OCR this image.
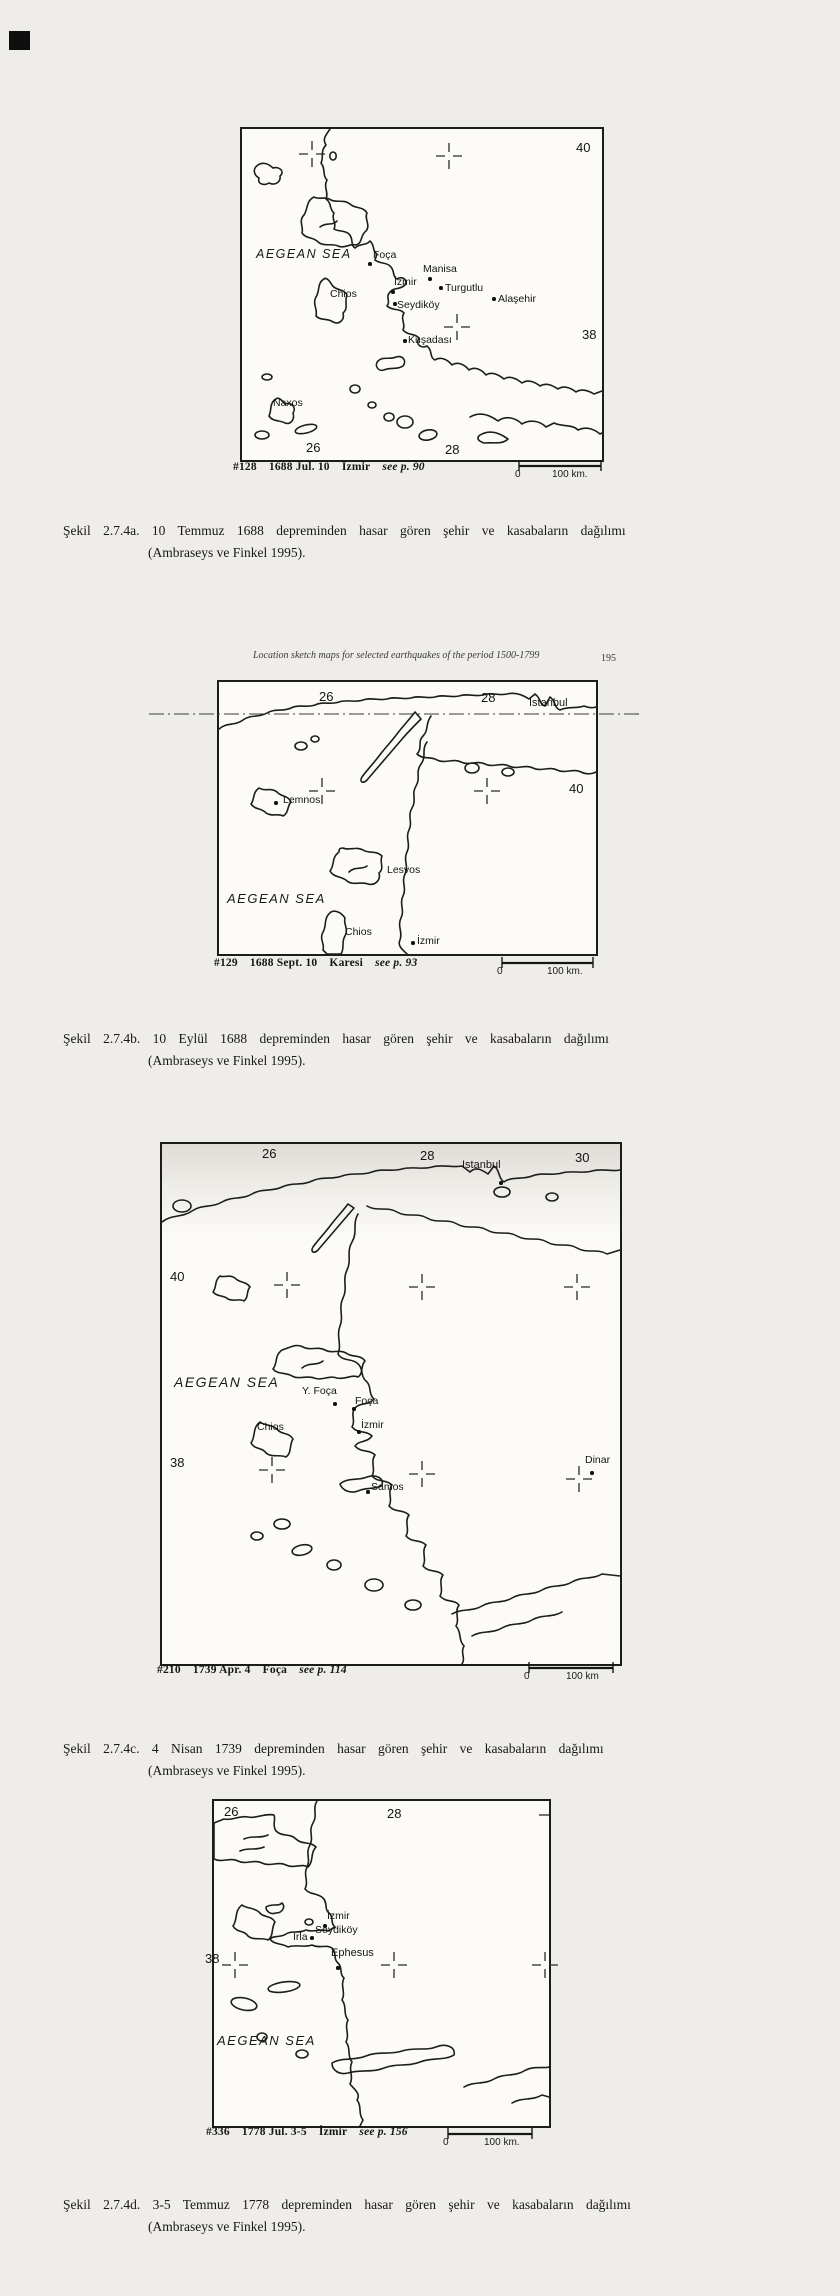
40
38
26	28
AEGEAN SEA Foça
Manisa
İzmir	Turgutlu
Alaşehir
Seydiköy
Chios
Kuşadası
Naxos
#128 1688 Jul. 10 İzmir see p. 90
0	100 km.
Şekil 2.7.4a. 10 Temmuz 1688 depreminden hasar gören şehir ve kasabaların dağılımı
(Ambraseys ve Finkel 1995).
Location sketch maps for selected earthquakes of the period 1500-1799	195
26	28	Istanbul
40
Lemnos
Lesvos
AEGEAN SEA
Chios
İzmir
#129 1688 Sept. 10 Karesi see p. 93
0	100 km.
Şekil 2.7.4b. 10 Eylül 1688 depreminden hasar gören şehir ve kasabaların dağılımı
(Ambraseys ve Finkel 1995).
26	28	30
Istanbul
40
38
AEGEAN SEA
Y. Foça
Foça
Chios	İzmir
Samos
Dinar
#210 1739 Apr. 4 Foça see p. 114
0	100 km
Şekil 2.7.4c. 4 Nisan 1739 depreminden hasar gören şehir ve kasabaların dağılımı
(Ambraseys ve Finkel 1995).
26	28
38
İzmir
Seydiköy
Irla
Ephesus
AEGEAN SEA
#336 1778 Jul. 3-5 İzmir see p. 156
0	100 km.
Şekil 2.7.4d. 3-5 Temmuz 1778 depreminden hasar gören şehir ve kasabaların dağılımı
(Ambraseys ve Finkel 1995).
